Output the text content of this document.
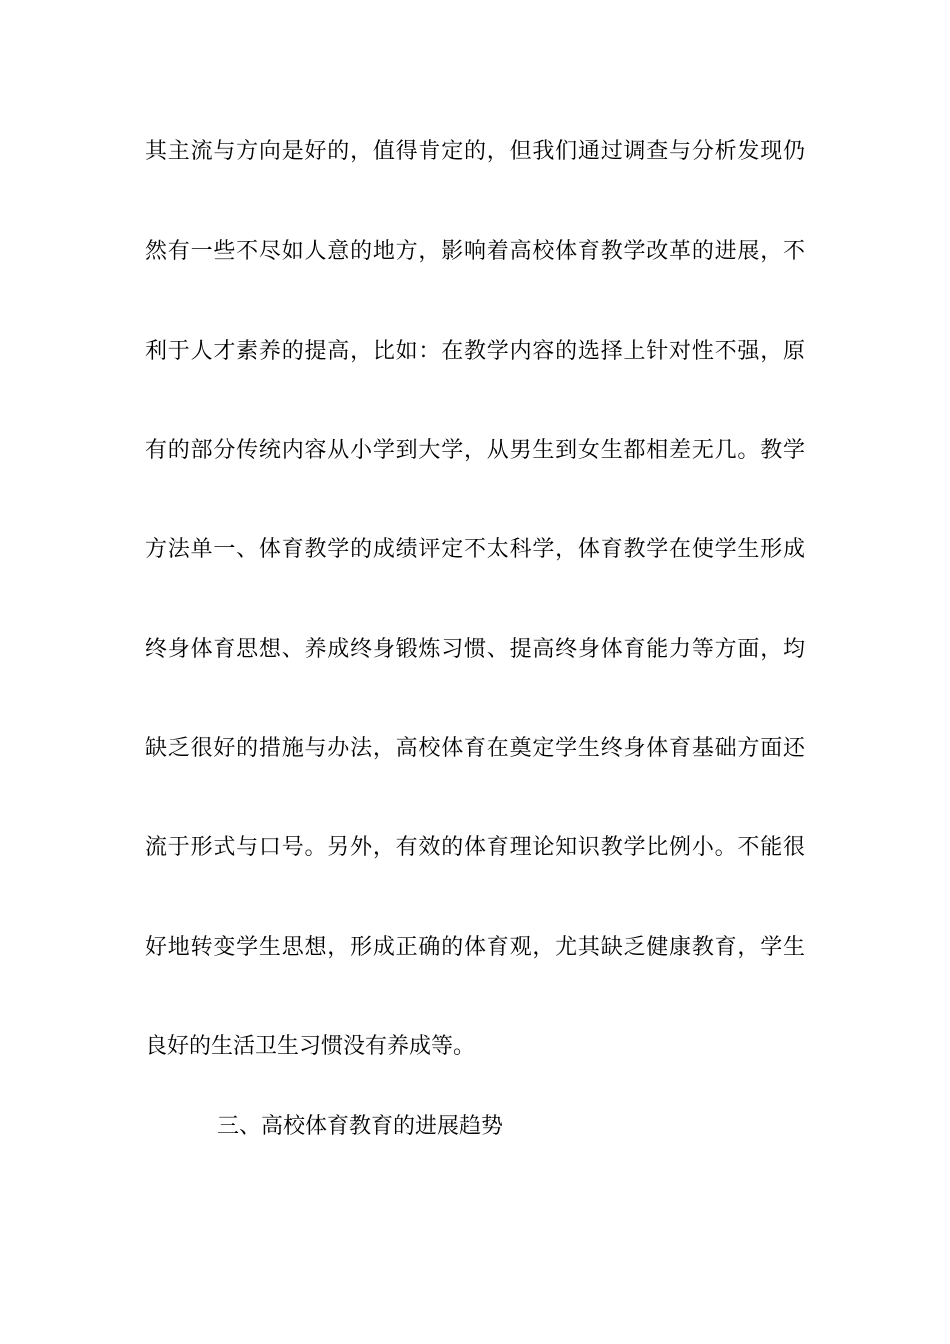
其主流与方向是好的，值得肯定的，但我们通过调查与分析发现仍
然有一些不尽如人意的地方，影响着高校体育教学改革的进展，不
利于人才素养的提高，比如：在教学内容的选择上针对性不强，原
有的部分传统内容从小学到大学，从男生到女生都相差无几。教学
方法单一、体育教学的成绩评定不太科学，体育教学在使学生形成
终身体育思想、养成终身锻炼习惯、提高终身体育能力等方面，均
缺乏很好的措施与办法，高校体育在奠定学生终身体育基础方面还
流于形式与口号。另外，有效的体育理论知识教学比例小。不能很
好地转变学生思想，形成正确的体育观，尤其缺乏健康教育，学生
良好的生活卫生习惯没有养成等。
三、高校体育教育的进展趋势
